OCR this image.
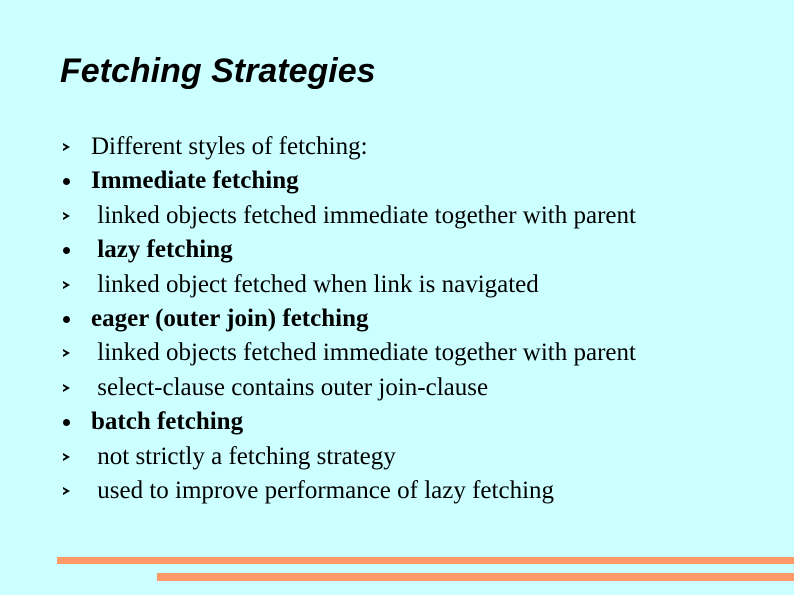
Fetching Strategies
Different styles of fetching:
Immediate fetching
linked objects fetched immediate together with parent
lazy fetching
linked object fetched when link is navigated
eager (outer join) fetching
linked objects fetched immediate together with parent
select-clause contains outer join-clause
batch fetching
not strictly a fetching strategy
used to improve performance of lazy fetching
